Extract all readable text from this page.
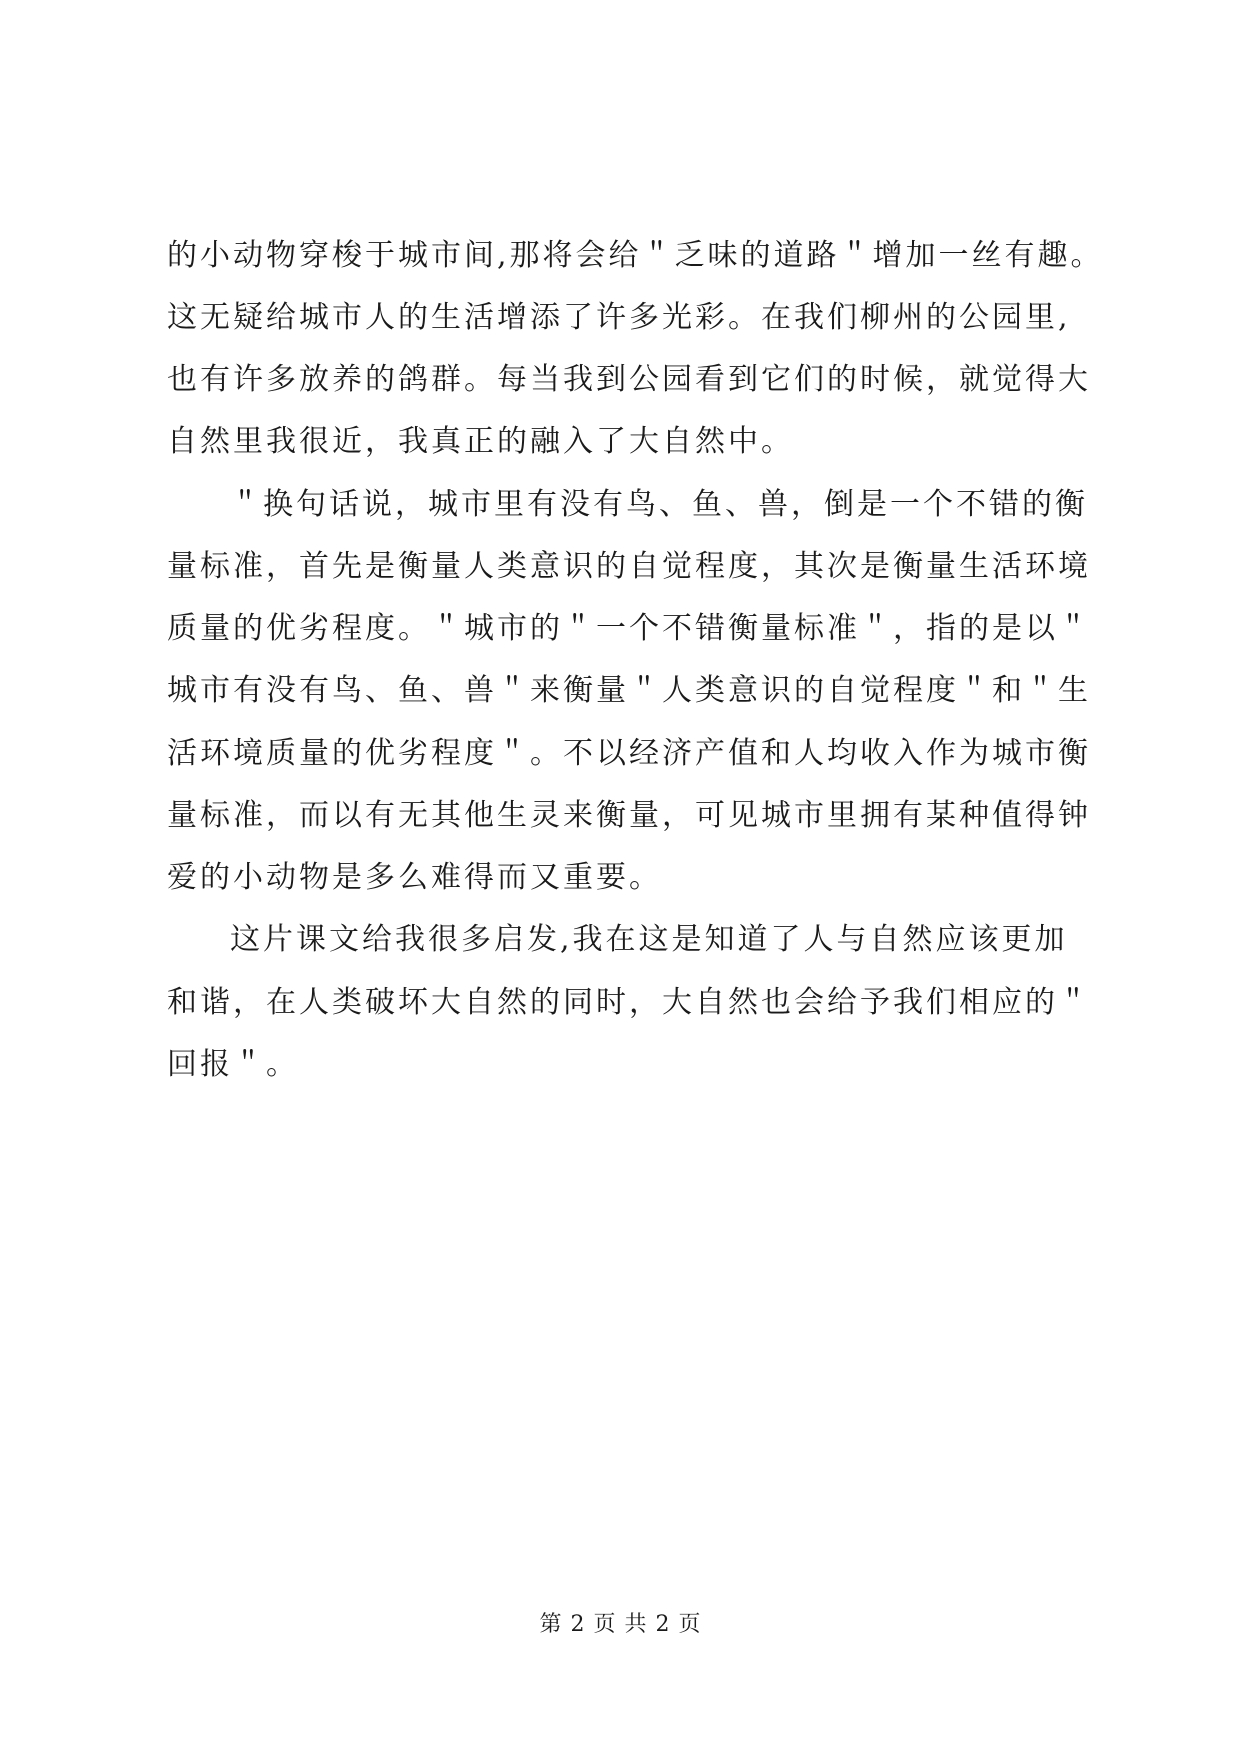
的小动物穿梭于城市间,那将会给＂乏味的道路＂增加一丝有趣。
这无疑给城市人的生活增添了许多光彩。在我们柳州的公园里,
也有许多放养的鸽群。每当我到公园看到它们的时候，就觉得大
自然里我很近，我真正的融入了大自然中。
＂换句话说，城市里有没有鸟、鱼、兽，倒是一个不错的衡
量标准，首先是衡量人类意识的自觉程度，其次是衡量生活环境
质量的优劣程度。＂城市的＂一个不错衡量标准＂，指的是以＂
城市有没有鸟、鱼、兽＂来衡量＂人类意识的自觉程度＂和＂生
活环境质量的优劣程度＂。不以经济产值和人均收入作为城市衡
量标准，而以有无其他生灵来衡量，可见城市里拥有某种值得钟
爱的小动物是多么难得而又重要。
这片课文给我很多启发,我在这是知道了人与自然应该更加
和谐，在人类破坏大自然的同时，大自然也会给予我们相应的＂
回报＂。
第 2 页 共 2 页
